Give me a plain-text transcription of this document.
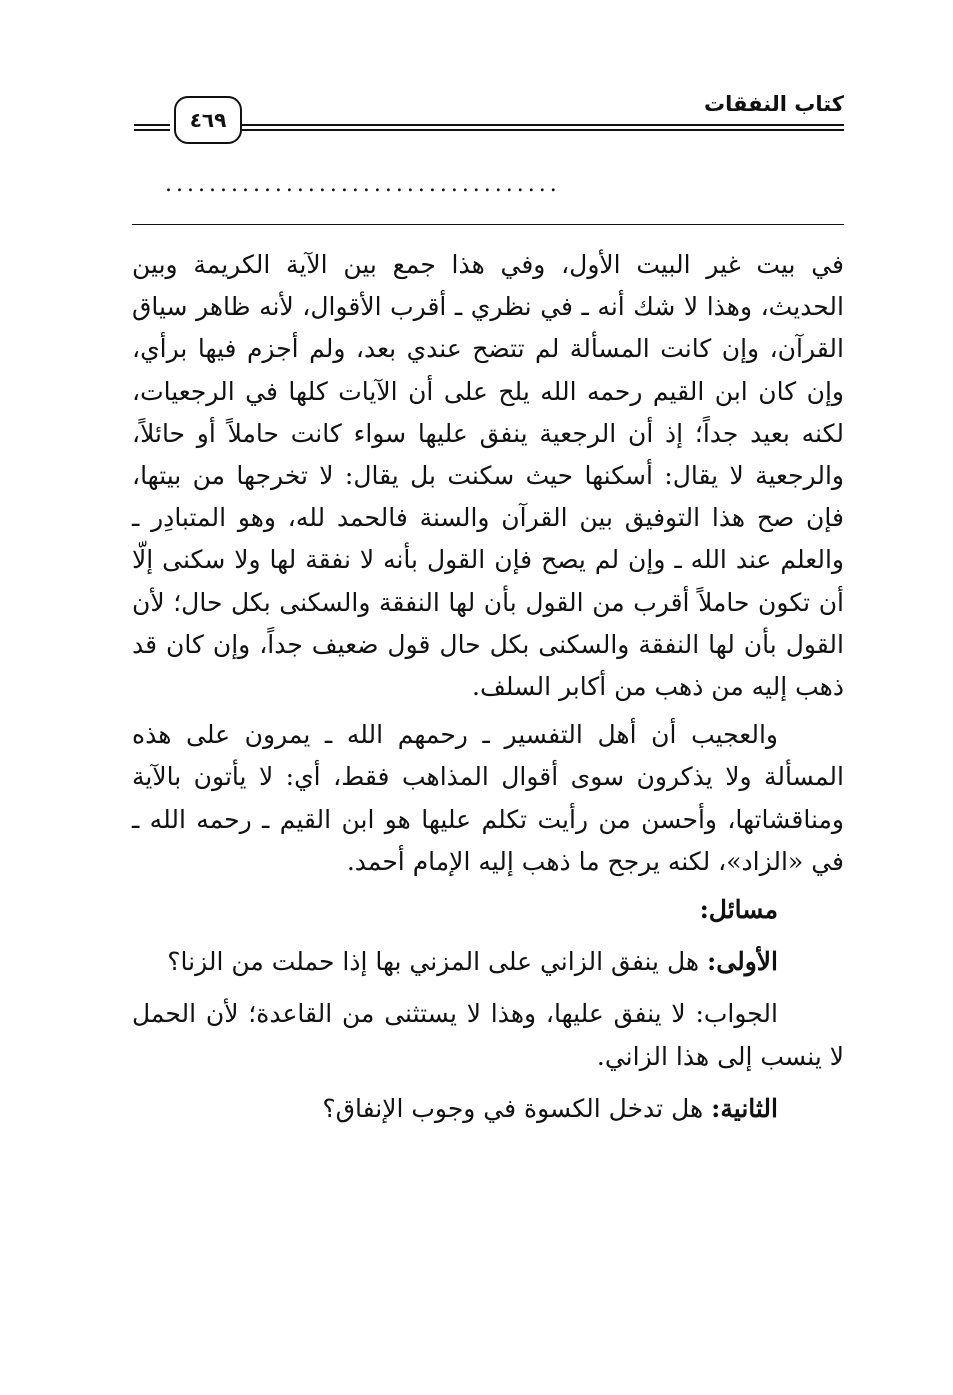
كتاب النفقات
٤٦٩
....................................

في بيت غير البيت الأول، وفي هذا جمع بين الآية الكريمة وبين الحديث، وهذا لا شك أنه ـ في نظري ـ أقرب الأقوال، لأنه ظاهر سياق القرآن، وإن كانت المسألة لم تتضح عندي بعد، ولم أجزم فيها برأي، وإن كان ابن القيم رحمه الله يلح على أن الآيات كلها في الرجعيات، لكنه بعيد جداً؛ إذ أن الرجعية ينفق عليها سواء كانت حاملاً أو حائلاً، والرجعية لا يقال: أسكنها حيث سكنت بل يقال: لا تخرجها من بيتها، فإن صح هذا التوفيق بين القرآن والسنة فالحمد لله، وهو المتبادِر ـ والعلم عند الله ـ وإن لم يصح فإن القول بأنه لا نفقة لها ولا سكنى إلّا أن تكون حاملاً أقرب من القول بأن لها النفقة والسكنى بكل حال؛ لأن القول بأن لها النفقة والسكنى بكل حال قول ضعيف جداً، وإن كان قد ذهب إليه من ذهب من أكابر السلف.

والعجيب أن أهل التفسير ـ رحمهم الله ـ يمرون على هذه المسألة ولا يذكرون سوى أقوال المذاهب فقط، أي: لا يأتون بالآية ومناقشاتها، وأحسن من رأيت تكلم عليها هو ابن القيم ـ رحمه الله ـ في «الزاد»، لكنه يرجح ما ذهب إليه الإمام أحمد.

مسائل:

الأولى: هل ينفق الزاني على المزني بها إذا حملت من الزنا؟

الجواب: لا ينفق عليها، وهذا لا يستثنى من القاعدة؛ لأن الحمل لا ينسب إلى هذا الزاني.

الثانية: هل تدخل الكسوة في وجوب الإنفاق؟
